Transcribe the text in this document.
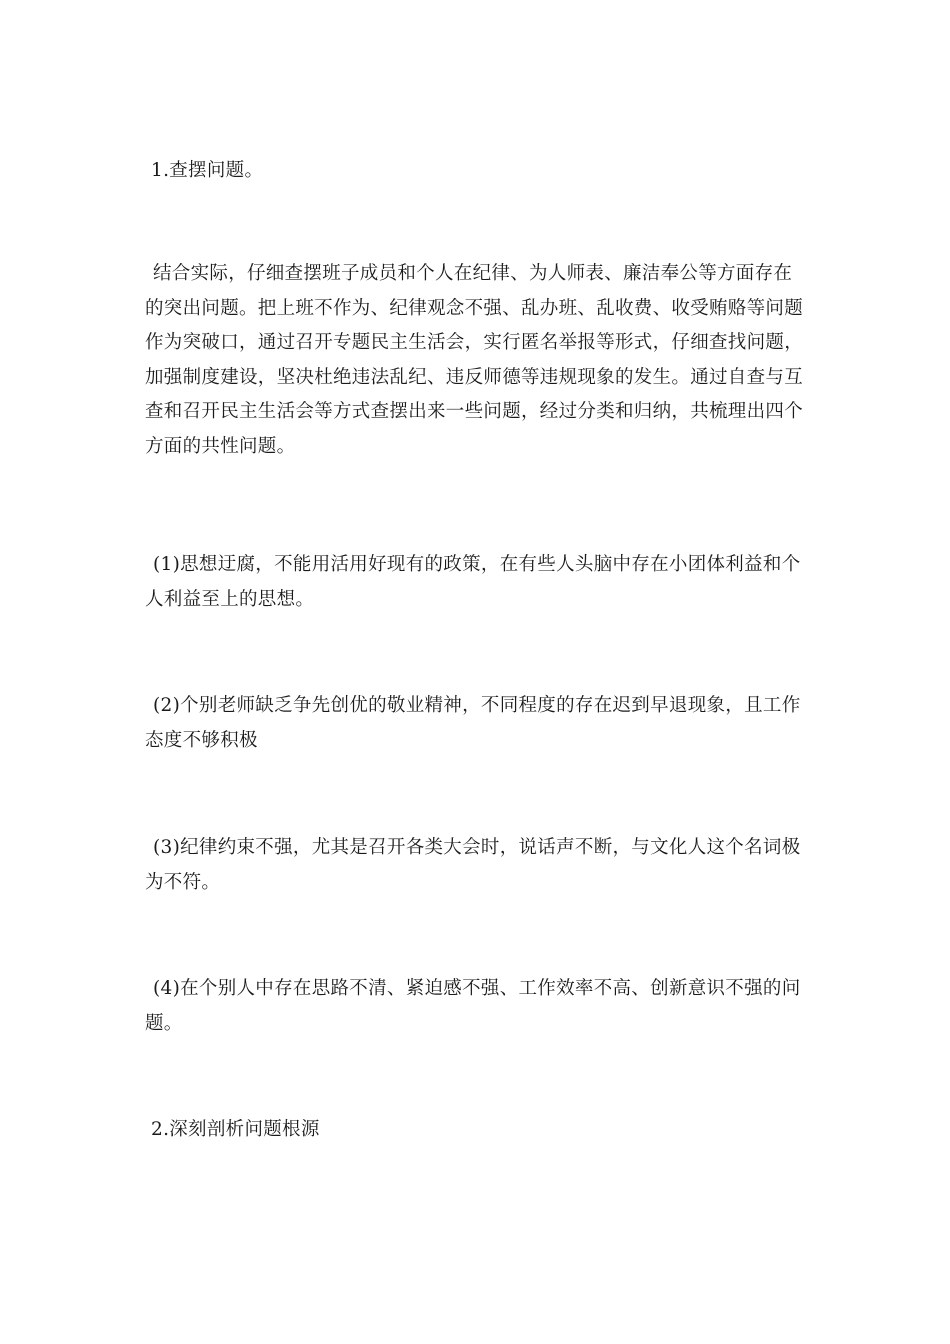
1.查摆问题。

结合实际，仔细查摆班子成员和个人在纪律、为人师表、廉洁奉公等方面存在的突出问题。把上班不作为、纪律观念不强、乱办班、乱收费、收受贿赂等问题作为突破口，通过召开专题民主生活会，实行匿名举报等形式，仔细查找问题，加强制度建设，坚决杜绝违法乱纪、违反师德等违规现象的发生。通过自查与互查和召开民主生活会等方式查摆出来一些问题，经过分类和归纳，共梳理出四个方面的共性问题。

(1)思想迂腐，不能用活用好现有的政策，在有些人头脑中存在小团体利益和个人利益至上的思想。

(2)个别老师缺乏争先创优的敬业精神，不同程度的存在迟到早退现象，且工作态度不够积极

(3)纪律约束不强，尤其是召开各类大会时，说话声不断，与文化人这个名词极为不符。

(4)在个别人中存在思路不清、紧迫感不强、工作效率不高、创新意识不强的问题。

2.深刻剖析问题根源
